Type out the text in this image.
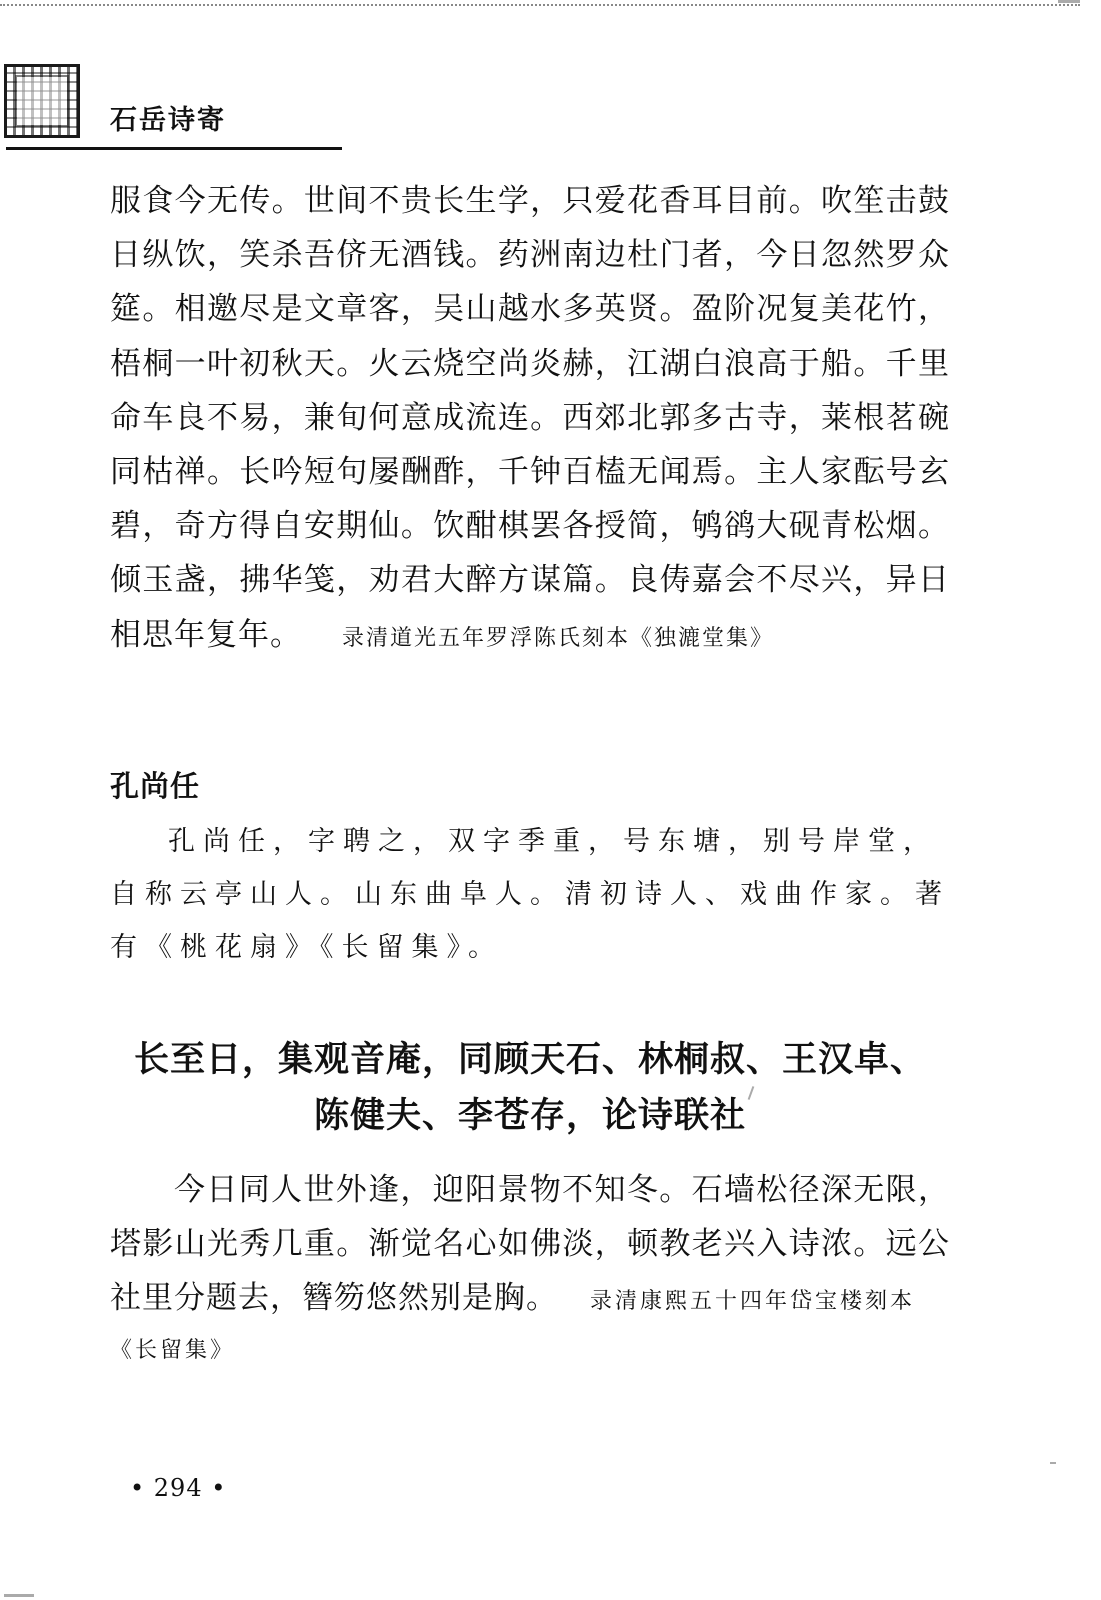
石岳诗寄
服食今无传。世间不贵长生学，只爱花香耳目前。吹笙击鼓日纵饮，笑杀吾侪无酒钱。药洲南边杜门者，今日忽然罗众筵。相邀尽是文章客，吴山越水多英贤。盈阶况复美花竹，梧桐一叶初秋天。火云烧空尚炎赫，江湖白浪高于船。千里命车良不易，兼旬何意成流连。西郊北郭多古寺，莱根茗碗同枯禅。长吟短句屡酬酢，千钟百榼无闻焉。主人家酝号玄碧，奇方得自安期仙。饮酣棋罢各授简，鸲鹆大砚青松烟。倾玉盏，拂华笺，劝君大醉方谋篇。良俦嘉会不尽兴，异日相思年复年。 录清道光五年罗浮陈氏刻本《独漉堂集》
孔尚任
孔尚任，字聘之，双字季重，号东塘，别号岸堂，自称云亭山人。山东曲阜人。清初诗人、戏曲作家。著有《桃花扇》《长留集》。
长至日，集观音庵，同顾天石、林桐叔、王汉卓、
陈健夫、李苍存，论诗联社
今日同人世外逢，迎阳景物不知冬。石墙松径深无限，塔影山光秀几重。渐觉名心如佛淡，顿教老兴入诗浓。远公社里分题去，簪笏悠然别是胸。 录清康熙五十四年岱宝楼刻本
《长留集》
• 294 •
